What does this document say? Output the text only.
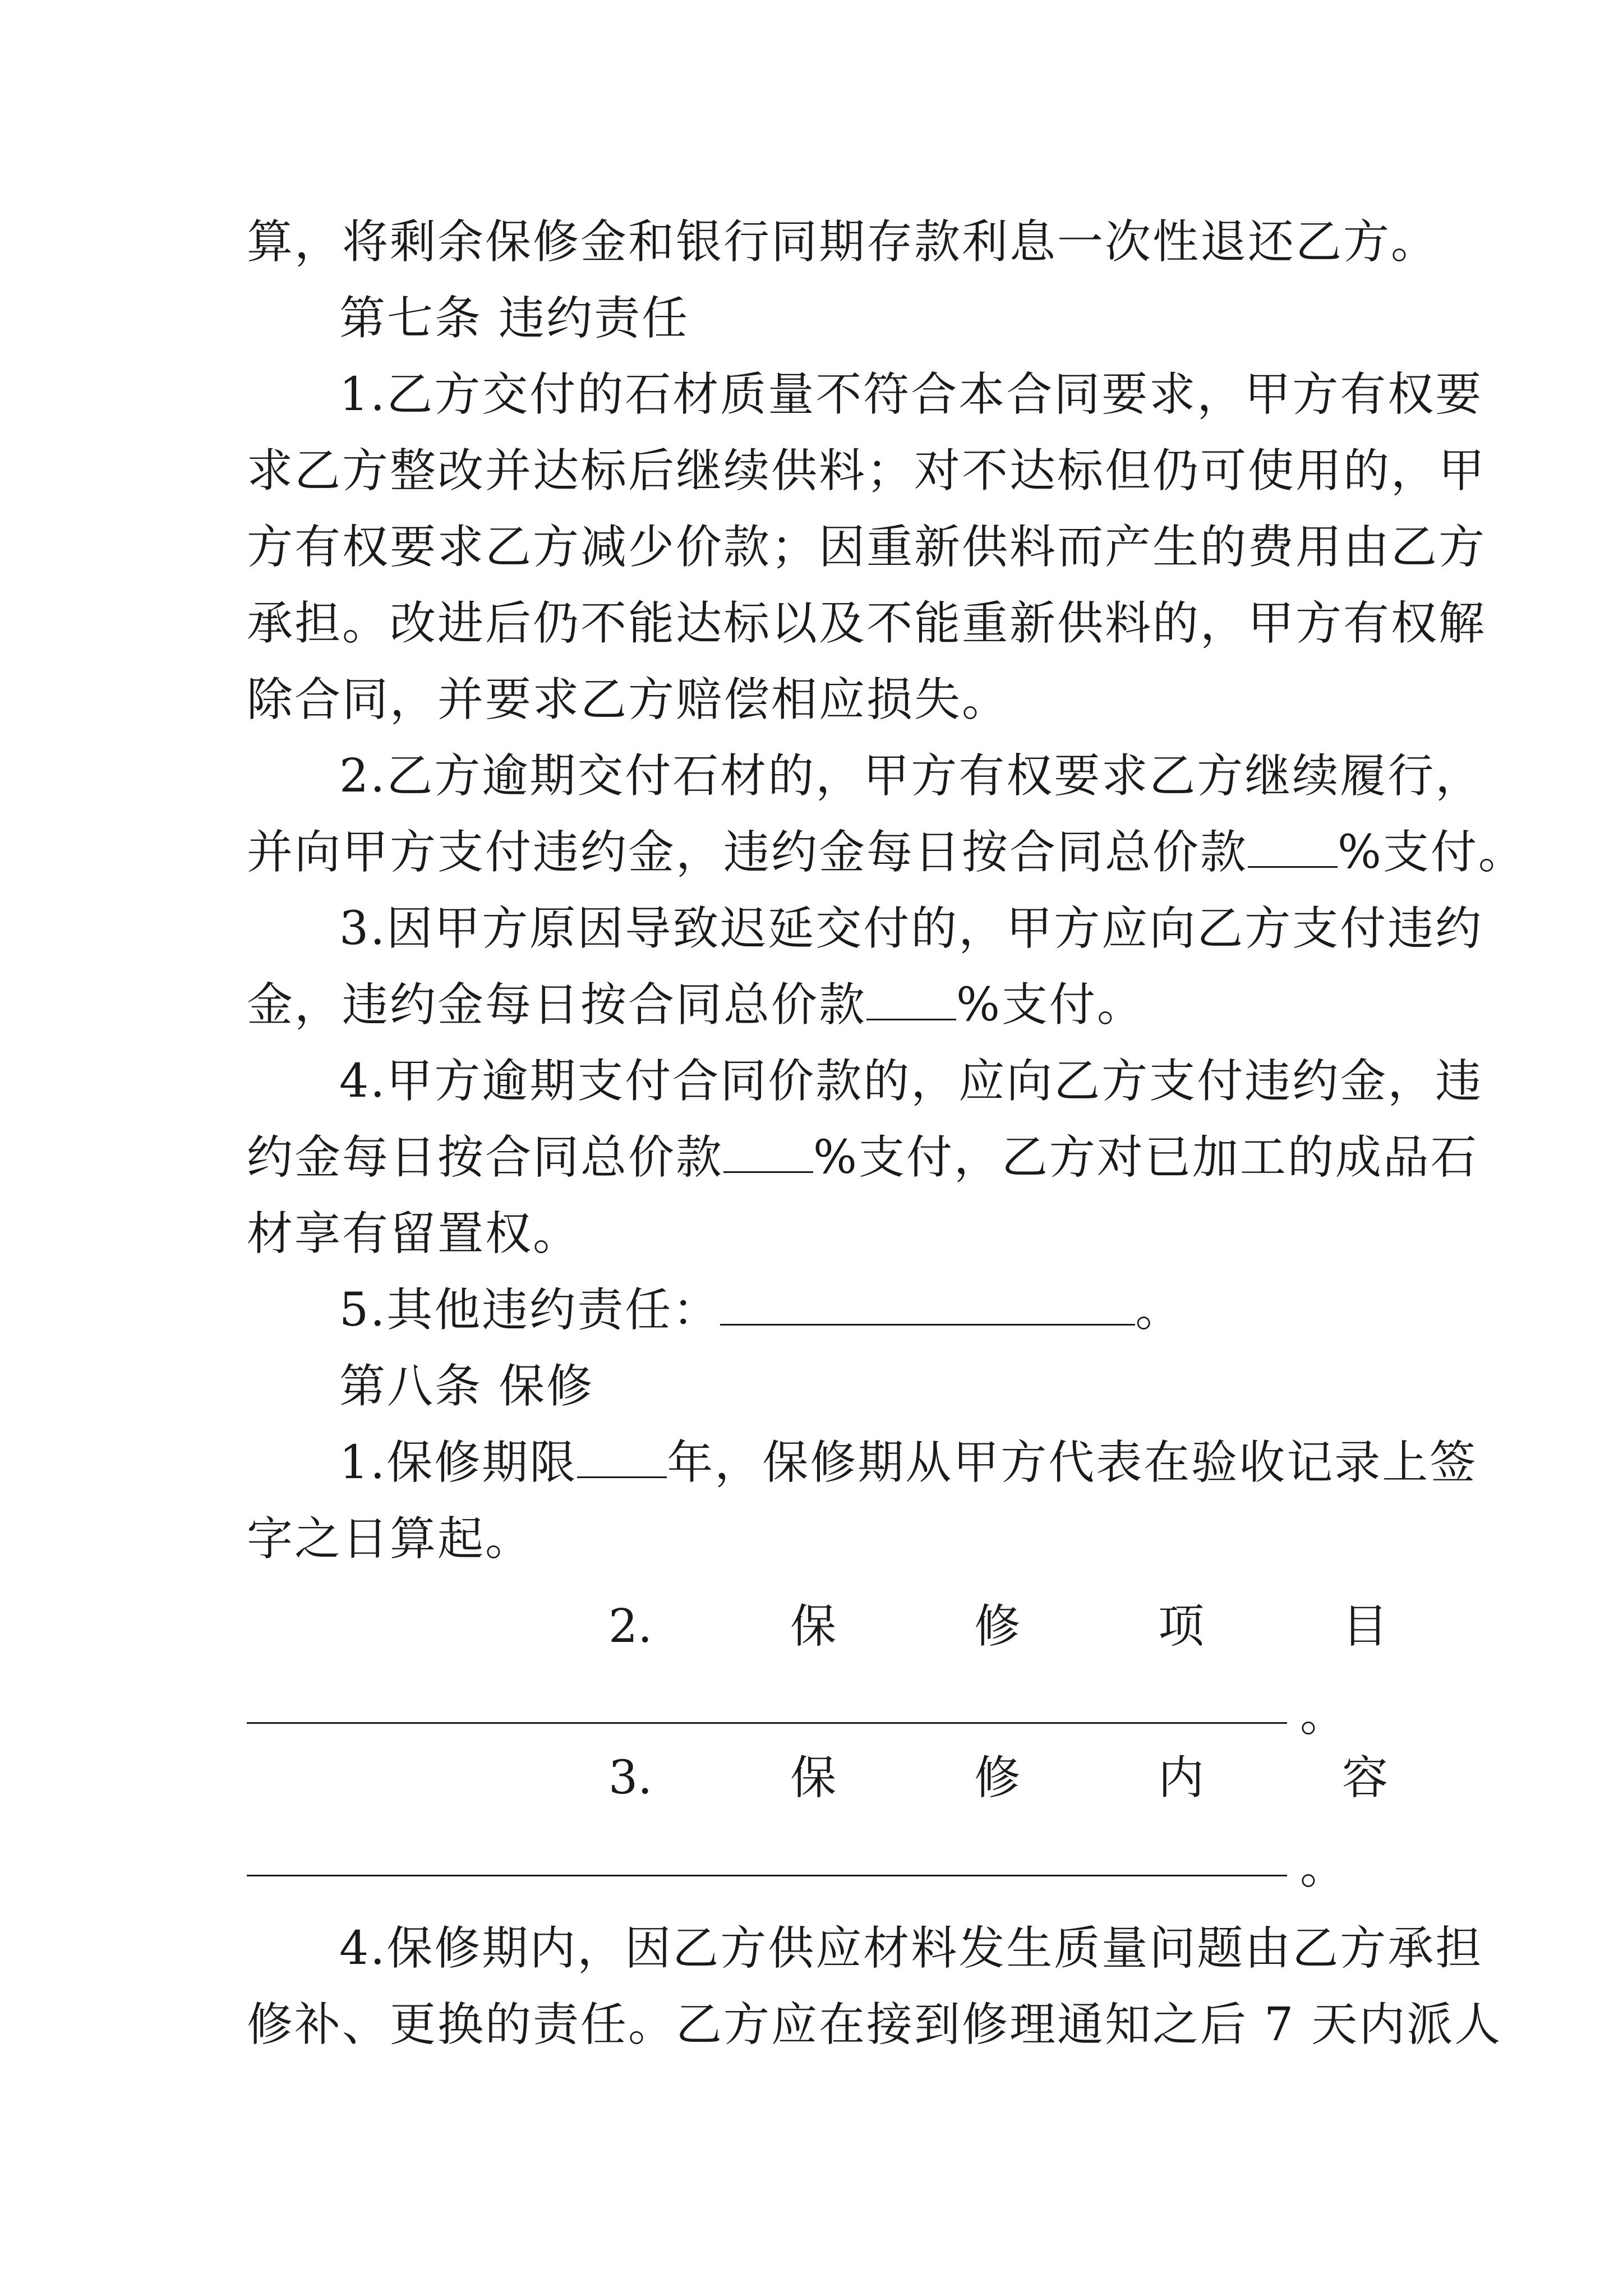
算，将剩余保修金和银行同期存款利息一次性退还乙方。
第七条 违约责任
1.乙方交付的石材质量不符合本合同要求，甲方有权要
求乙方整改并达标后继续供料；对不达标但仍可使用的，甲
方有权要求乙方减少价款；因重新供料而产生的费用由乙方
承担。改进后仍不能达标以及不能重新供料的，甲方有权解
除合同，并要求乙方赔偿相应损失。
2.乙方逾期交付石材的，甲方有权要求乙方继续履行，
并向甲方支付违约金，违约金每日按合同总价款 %支付。
3.因甲方原因导致迟延交付的，甲方应向乙方支付违约
金，违约金每日按合同总价款 %支付。
4.甲方逾期支付合同价款的，应向乙方支付违约金，违
约金每日按合同总价款 %支付，乙方对已加工的成品石
材享有留置权。
5.其他违约责任：	。
第八条 保修
1.保修期限 年，保修期从甲方代表在验收记录上签
字之日算起。
2.	保	修	项	目
。
3.	保	修	内	容
。
4.保修期内，因乙方供应材料发生质量问题由乙方承担
修补、更换的责任。乙方应在接到修理通知之后 7 天内派人
